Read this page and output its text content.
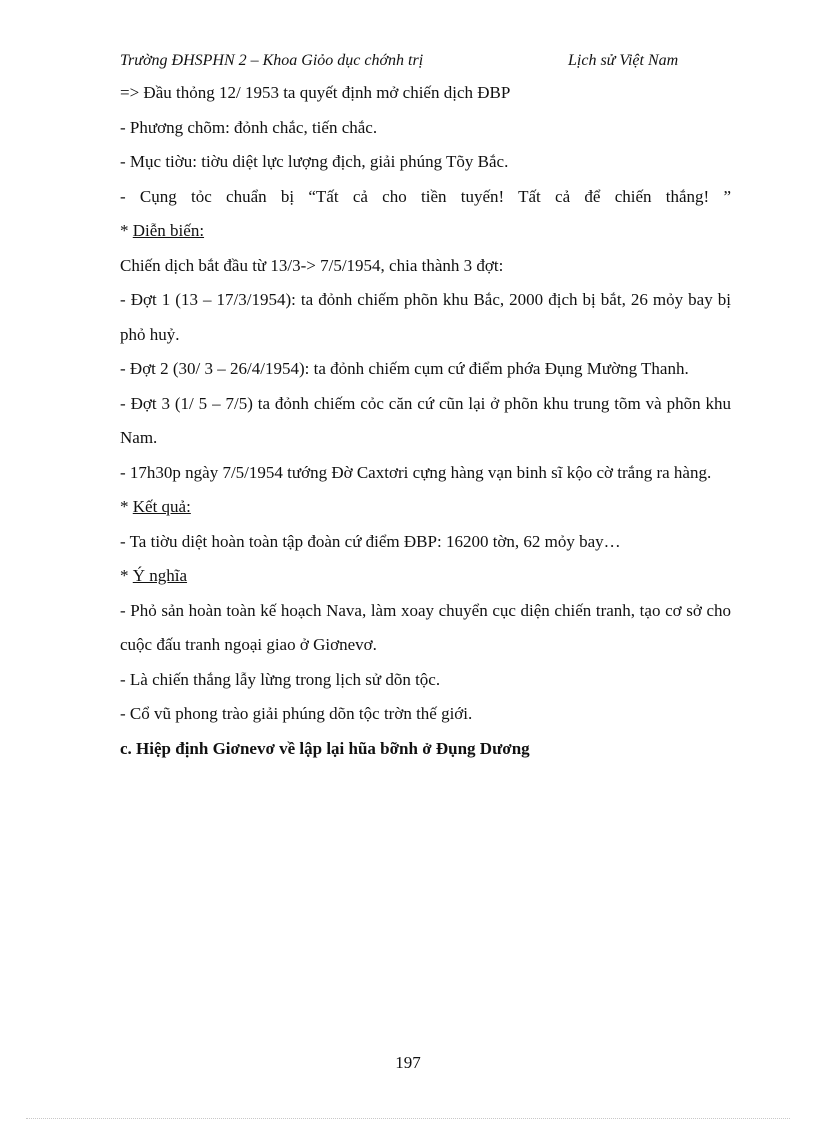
Trường ĐHSPHN 2 – Khoa Giỏo dục chớnh trị	Lịch sử Việt Nam

=> Đầu thỏng 12/ 1953 ta quyết định mở chiến dịch ĐBP

- Phương chõm: đỏnh chắc, tiến chắc.

- Mục tiờu: tiờu diệt lực lượng địch, giải phúng Tõy Bắc.

- Cụng tỏc chuẩn bị “Tất cả cho tiền tuyến! Tất cả để chiến thắng! ”

* Diễn biến:

Chiến dịch bắt đầu từ 13/3-> 7/5/1954, chia thành 3 đợt:

- Đợt 1 (13 – 17/3/1954): ta đỏnh chiếm phõn khu Bắc, 2000 địch bị bắt, 26 mỏy bay bị phỏ huỷ.

- Đợt 2 (30/ 3 – 26/4/1954): ta đỏnh chiếm cụm cứ điểm phớa Đụng Mường Thanh.

- Đợt 3 (1/ 5 – 7/5) ta đỏnh chiếm cỏc căn cứ cũn lại ở phõn khu trung tõm và phõn khu Nam.

- 17h30p ngày 7/5/1954 tướng Đờ Caxtơri cựng hàng vạn binh sĩ kộo cờ trắng ra hàng.

* Kết quả:

- Ta tiờu diệt hoàn toàn tập đoàn cứ điểm ĐBP: 16200 tờn, 62 mỏy bay…

* Ý nghĩa

- Phỏ sản hoàn toàn kế hoạch Nava, làm xoay chuyển cục diện chiến tranh, tạo cơ sở cho cuộc đấu tranh ngoại giao ở Giơnevơ.

- Là chiến thắng lẫy lừng trong lịch sử dõn tộc.

- Cổ vũ phong trào giải phúng dõn tộc trờn thế giới.

c. Hiệp định Giơnevơ về lập lại hũa bỡnh ở Đụng Dương

197
